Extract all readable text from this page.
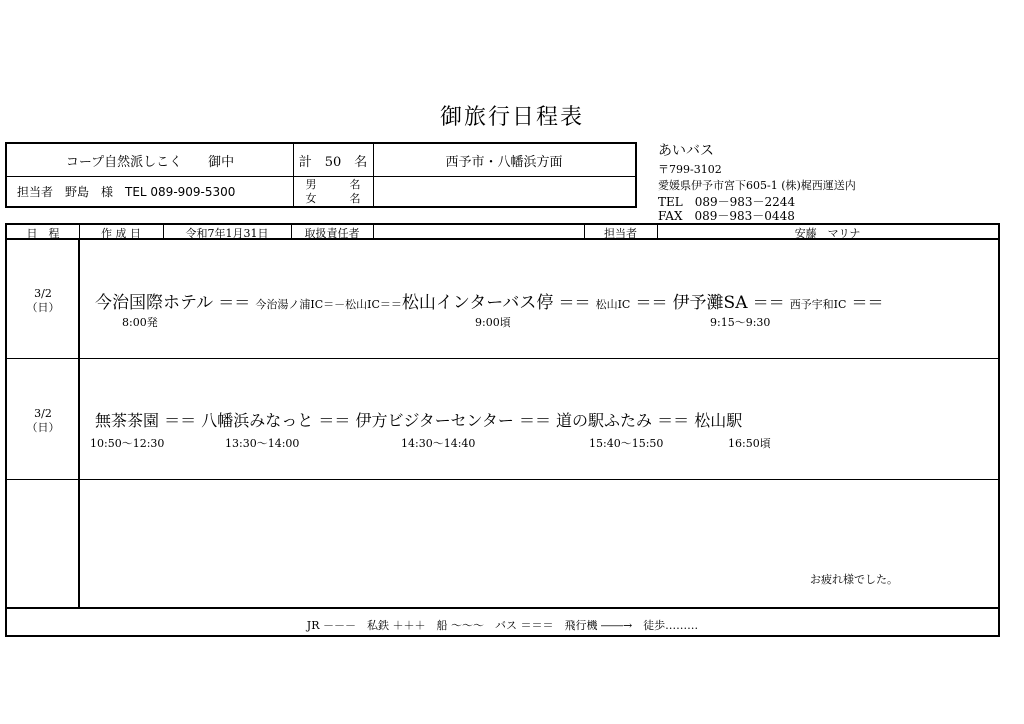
御旅行日程表
コープ自然派しこく　　御中	計　50　名	西予市・八幡浜方面
担当者　野島　様　TEL 089-909-5300
男　　　名
女　　　名
あいバス
〒799-3102
愛媛県伊予市宮下605-1 (株)梶西運送内
TEL　089－983－2244
FAX　089－983－0448
日　程	作 成 日	令和7年1月31日	取扱責任者	担当者	安藤　マリナ
3/2
（日）	今治国際ホテル ＝＝ 今治湯ノ浦IC＝－松山IC＝＝松山インターバス停 ＝＝ 松山IC ＝＝ 伊予灘SA ＝＝ 西予宇和IC ＝＝
8:00発	9:00頃	9:15～9:30
3/2
（日）	無茶茶園 ＝＝ 八幡浜みなっと ＝＝ 伊方ビジターセンター ＝＝ 道の駅ふたみ ＝＝ 松山駅
10:50～12:30	13:30～14:00	14:30～14:40	15:40～15:50	16:50頃
お疲れ様でした。
JR －－－　私鉄 ＋＋＋　船 ～～～　バス ＝＝＝　飛行機 ――→　徒歩………
